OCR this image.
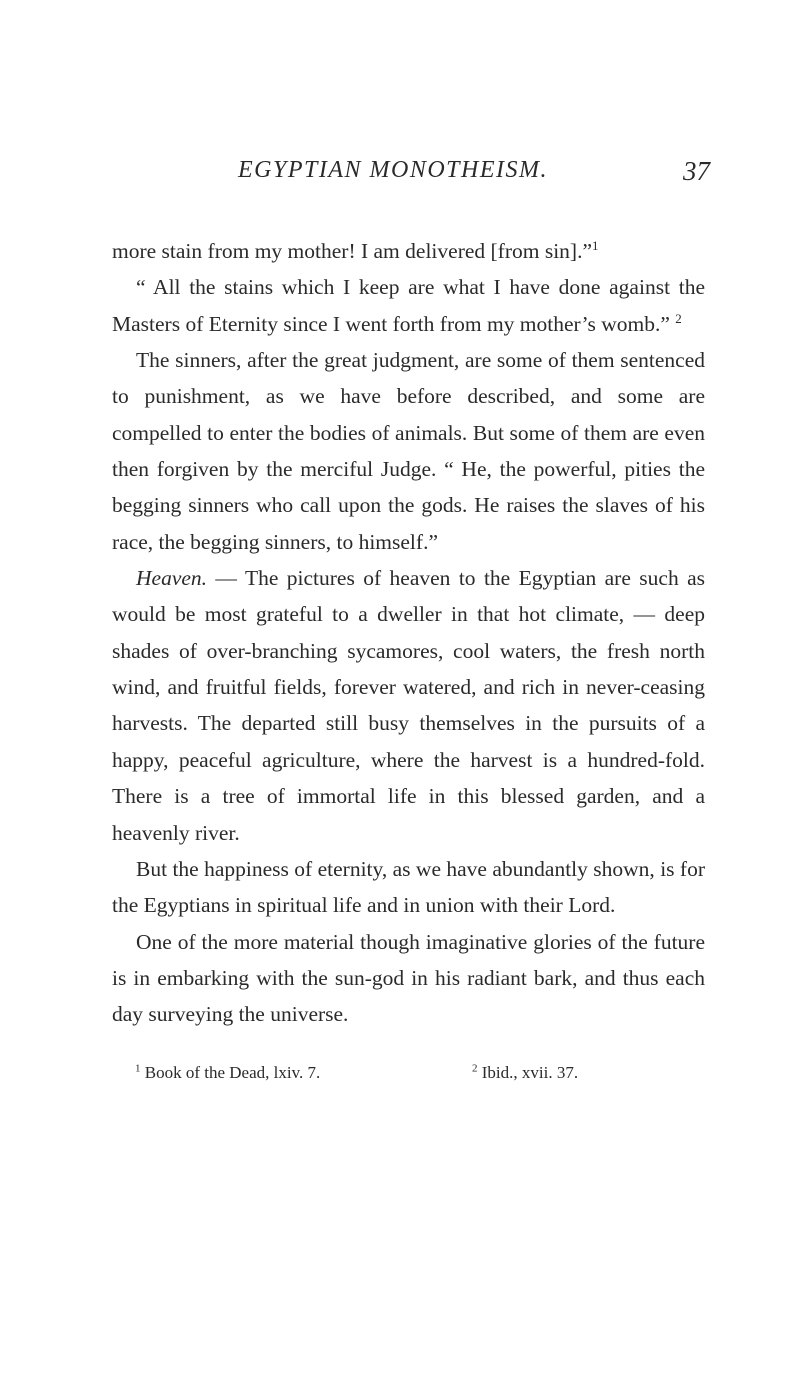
EGYPTIAN MONOTHEISM.	37

more stain from my mother! I am delivered [from sin].”$^1$

“ All the stains which I keep are what I have done against the Masters of Eternity since I went forth from my mother’s womb.” $^2$

The sinners, after the great judgment, are some of them sentenced to punishment, as we have before described, and some are compelled to enter the bodies of animals. But some of them are even then forgiven by the merciful Judge. “ He, the powerful, pities the begging sinners who call upon the gods. He raises the slaves of his race, the begging sinners, to himself.”

Heaven. — The pictures of heaven to the Egyptian are such as would be most grateful to a dweller in that hot climate, — deep shades of over-branching sycamores, cool waters, the fresh north wind, and fruitful fields, forever watered, and rich in never-ceasing harvests. The departed still busy themselves in the pursuits of a happy, peaceful agriculture, where the harvest is a hundred-fold. There is a tree of immortal life in this blessed garden, and a heavenly river.

But the happiness of eternity, as we have abundantly shown, is for the Egyptians in spiritual life and in union with their Lord.

One of the more material though imaginative glories of the future is in embarking with the sun-god in his radiant bark, and thus each day surveying the universe.

$^1$ Book of the Dead, lxiv. 7.	$^2$ Ibid., xvii. 37.
